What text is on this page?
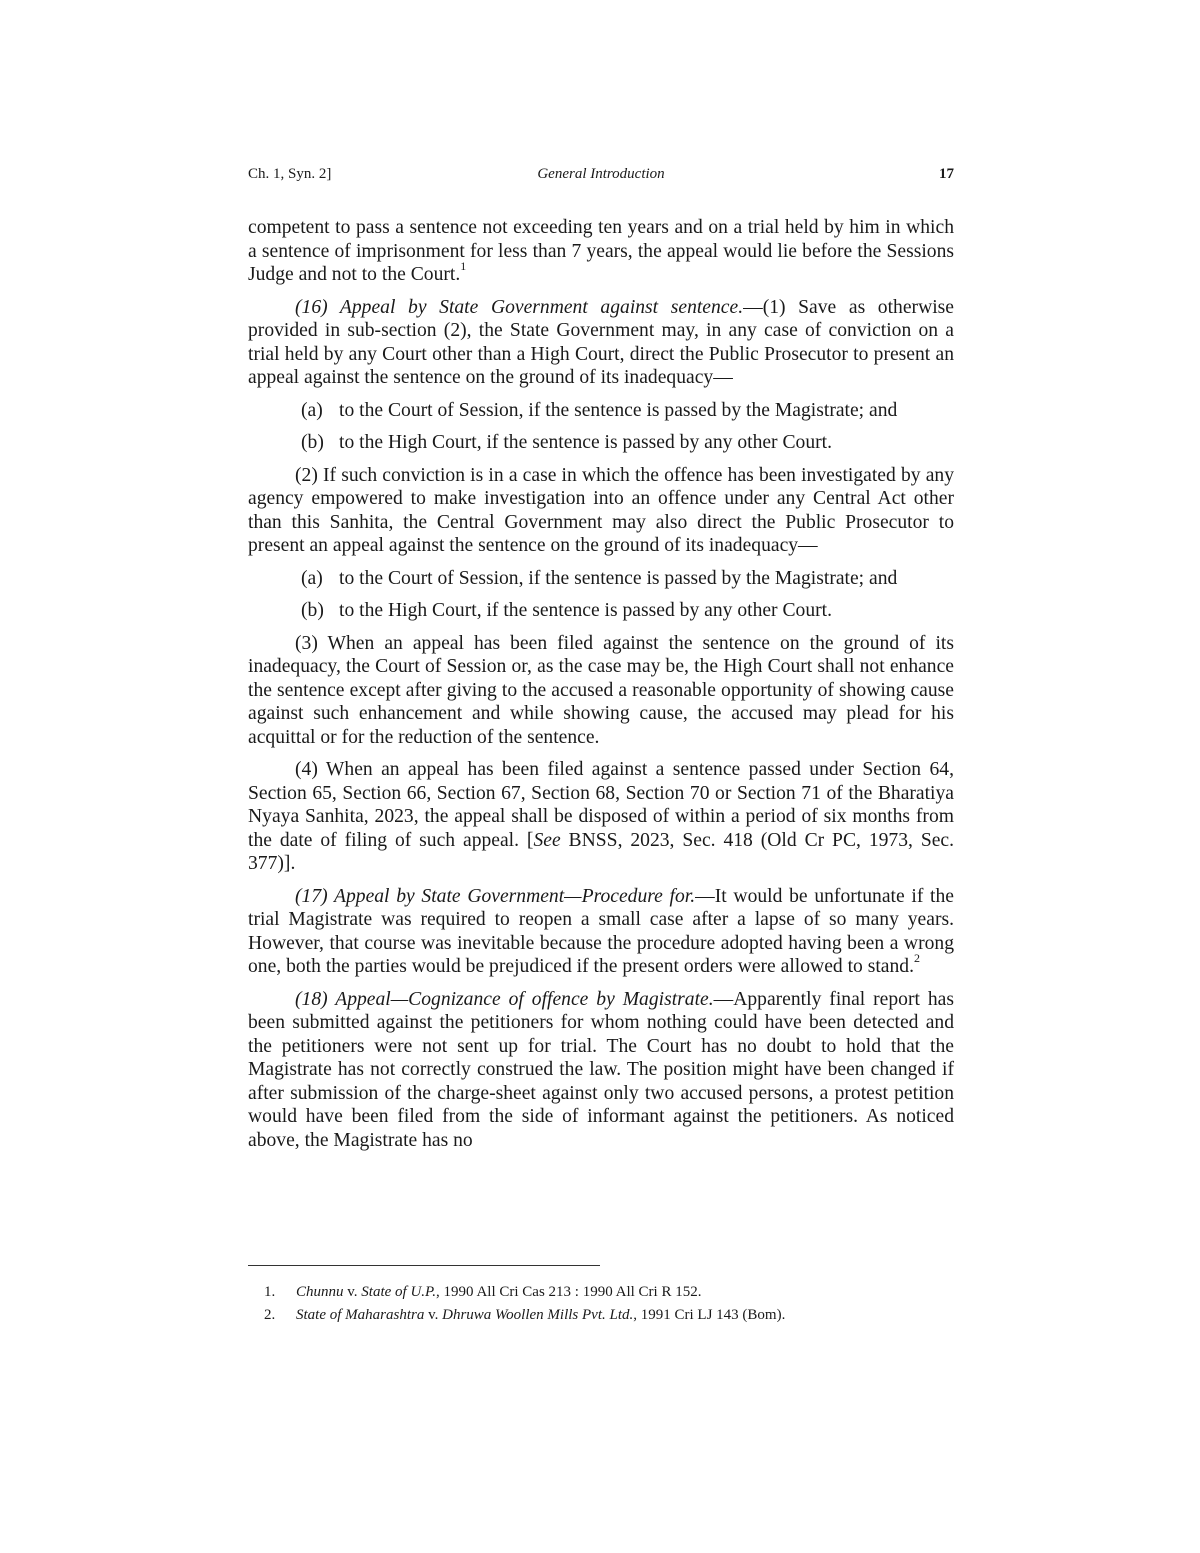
Ch. 1, Syn. 2]	General Introduction	17

competent to pass a sentence not exceeding ten years and on a trial held by him in which a sentence of imprisonment for less than 7 years, the appeal would lie before the Sessions Judge and not to the Court.$^1$

(16) Appeal by State Government against sentence.—(1) Save as otherwise provided in sub-section (2), the State Government may, in any case of conviction on a trial held by any Court other than a High Court, direct the Public Prosecutor to present an appeal against the sentence on the ground of its inadequacy—

(a) to the Court of Session, if the sentence is passed by the Magistrate; and
(b) to the High Court, if the sentence is passed by any other Court.

(2) If such conviction is in a case in which the offence has been investigated by any agency empowered to make investigation into an offence under any Central Act other than this Sanhita, the Central Government may also direct the Public Prosecutor to present an appeal against the sentence on the ground of its inadequacy—

(a) to the Court of Session, if the sentence is passed by the Magistrate; and
(b) to the High Court, if the sentence is passed by any other Court.

(3) When an appeal has been filed against the sentence on the ground of its inadequacy, the Court of Session or, as the case may be, the High Court shall not enhance the sentence except after giving to the accused a reasonable opportunity of showing cause against such enhancement and while showing cause, the accused may plead for his acquittal or for the reduction of the sentence.

(4) When an appeal has been filed against a sentence passed under Section 64, Section 65, Section 66, Section 67, Section 68, Section 70 or Section 71 of the Bharatiya Nyaya Sanhita, 2023, the appeal shall be disposed of within a period of six months from the date of filing of such appeal. [See BNSS, 2023, Sec. 418 (Old Cr PC, 1973, Sec. 377)].

(17) Appeal by State Government—Procedure for.—It would be unfortunate if the trial Magistrate was required to reopen a small case after a lapse of so many years. However, that course was inevitable because the procedure adopted having been a wrong one, both the parties would be prejudiced if the present orders were allowed to stand.$^2$

(18) Appeal—Cognizance of offence by Magistrate.—Apparently final report has been submitted against the petitioners for whom nothing could have been detected and the petitioners were not sent up for trial. The Court has no doubt to hold that the Magistrate has not correctly construed the law. The position might have been changed if after submission of the charge-sheet against only two accused persons, a protest petition would have been filed from the side of informant against the petitioners. As noticed above, the Magistrate has no

1. Chunnu v. State of U.P., 1990 All Cri Cas 213 : 1990 All Cri R 152.

2. State of Maharashtra v. Dhruwa Woollen Mills Pvt. Ltd., 1991 Cri LJ 143 (Bom).
